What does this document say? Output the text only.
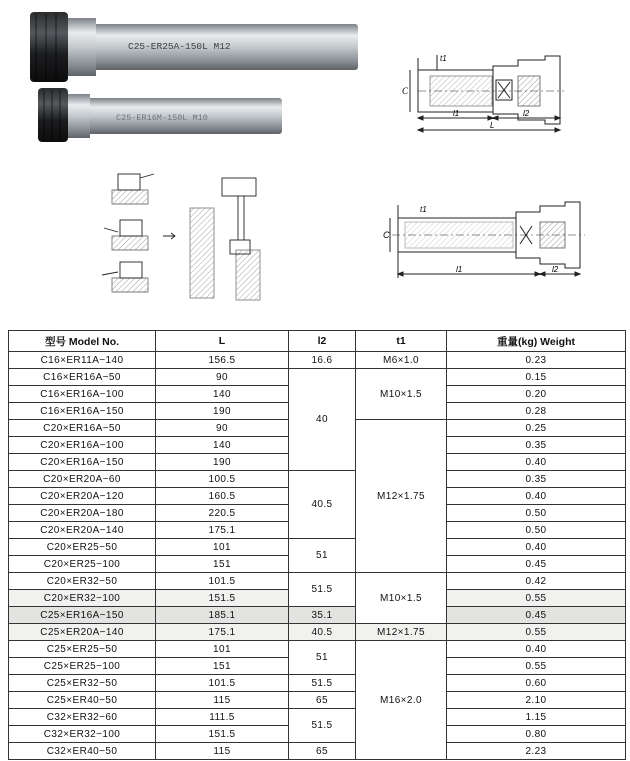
C25-ER25A-150L M12
C25-ER16M-150L M10
C
t1
l1	l2
L
C
t1
l1	l2
型号 Model No.	L	l2	t1	重量(kg) Weight
C16×ER11A−140	156.5	16.6	M6×1.0	0.23
C16×ER16A−50	90	40	M10×1.5	0.15
C16×ER16A−100	140			0.20
C16×ER16A−150	190			0.28
C20×ER16A−50	90		M12×1.75	0.25
C20×ER16A−100	140			0.35
C20×ER16A−150	190			0.40
C20×ER20A−60	100.5	40.5		0.35
C20×ER20A−120	160.5			0.40
C20×ER20A−180	220.5			0.50
C20×ER20A−140	175.1			0.50
C20×ER25−50	101	51		0.40
C20×ER25−100	151			0.45
C20×ER32−50	101.5	51.5	M10×1.5	0.42
C20×ER32−100	151.5			0.55
C25×ER16A−150	185.1	35.1		0.45
C25×ER20A−140	175.1	40.5	M12×1.75	0.55
C25×ER25−50	101	51	M16×2.0	0.40
C25×ER25−100	151			0.55
C25×ER32−50	101.5	51.5		0.60
C25×ER40−50	115	65		2.10
C32×ER32−60	111.5	51.5		1.15
C32×ER32−100	151.5			0.80
C32×ER40−50	115	65		2.23
